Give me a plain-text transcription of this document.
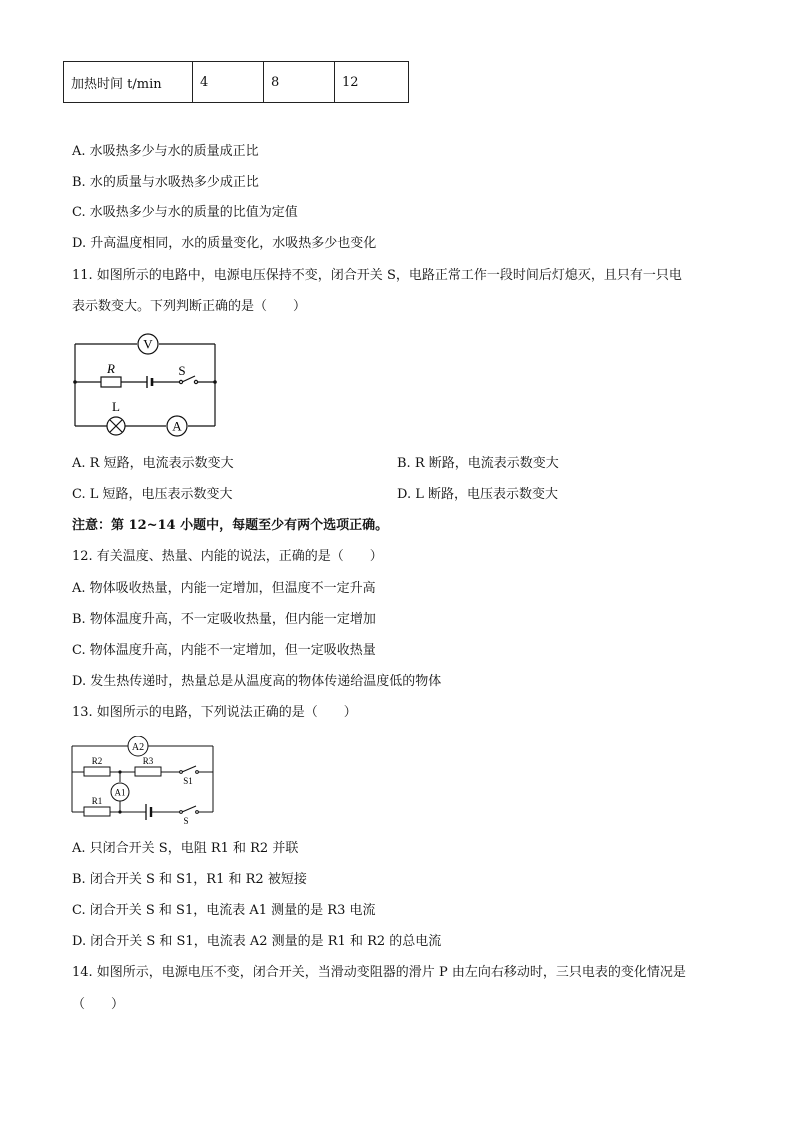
加热时间 t/min	4	8	12
A. 水吸热多少与水的质量成正比
B. 水的质量与水吸热多少成正比
C. 水吸热多少与水的质量的比值为定值
D. 升高温度相同，水的质量变化，水吸热多少也变化
11. 如图所示的电路中，电源电压保持不变，闭合开关 S，电路正常工作一段时间后灯熄灭，且只有一只电
表示数变大。下列判断正确的是（　　）
V
R	S
L
A
A. R 短路，电流表示数变大	B. R 断路，电流表示数变大
C. L 短路，电压表示数变大	D. L 断路，电压表示数变大
注意：第 12~14 小题中，每题至少有两个选项正确。
12. 有关温度、热量、内能的说法，正确的是（　　）
A. 物体吸收热量，内能一定增加，但温度不一定升高
B. 物体温度升高，不一定吸收热量，但内能一定增加
C. 物体温度升高，内能不一定增加，但一定吸收热量
D. 发生热传递时，热量总是从温度高的物体传递给温度低的物体
13. 如图所示的电路，下列说法正确的是（　　）
A2
R2	R3
S1
A1
R1
S
A. 只闭合开关 S，电阻 R1 和 R2 并联
B. 闭合开关 S 和 S1，R1 和 R2 被短接
C. 闭合开关 S 和 S1，电流表 A1 测量的是 R3 电流
D. 闭合开关 S 和 S1，电流表 A2 测量的是 R1 和 R2 的总电流
14. 如图所示，电源电压不变，闭合开关，当滑动变阻器的滑片 P 由左向右移动时，三只电表的变化情况是
（　　）
